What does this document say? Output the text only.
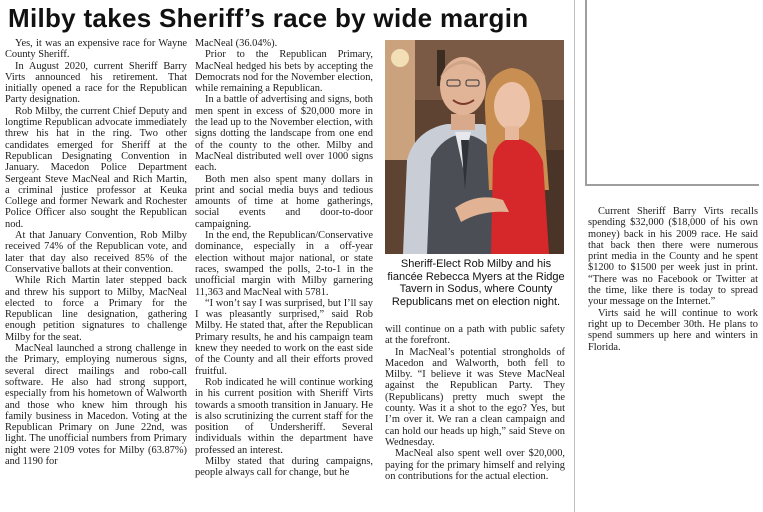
Milby takes Sheriff’s race by wide margin

Yes, it was an expensive race for Wayne County Sheriff.

In August 2020, current Sheriff Barry Virts announced his retirement. That initially opened a race for the Republican Party designation.

Rob Milby, the current Chief Deputy and longtime Republican advocate immediately threw his hat in the ring. Two other candidates emerged for Sheriff at the Republican Designating Convention in January. Macedon Police Department Sergeant Steve MacNeal and Rich Martin, a criminal justice professor at Keuka College and former Newark and Rochester Police Officer also sought the Republican nod.

At that January Convention, Rob Milby received 74% of the Republican vote, and later that day also received 85% of the Conservative ballots at their convention.

While Rich Martin later stepped back and threw his support to Milby, MacNeal elected to force a Primary for the Republican line designation, gathering enough petition signatures to challenge Milby for the seat.

MacNeal launched a strong challenge in the Primary, employing numerous signs, several direct mailings and robo-call software. He also had strong support, especially from his hometown of Walworth and those who knew him through his family business in Macedon. Voting at the Republican Primary on June 22nd, was light. The unofficial numbers from Primary night were 2109 votes for Milby (63.87%) and 1190 for

MacNeal (36.04%).

Prior to the Republican Primary, MacNeal hedged his bets by accepting the Democrats nod for the November election, while remaining a Republican.

In a battle of advertising and signs, both men spent in excess of $20,000 more in the lead up to the November election, with signs dotting the landscape from one end of the county to the other. Milby and MacNeal distributed well over 1000 signs each.

Both men also spent many dollars in print and social media buys and tedious amounts of time at home gatherings, social events and door-to-door campaigning.

In the end, the Republican/Conservative dominance, especially in a off-year election without major national, or state races, swamped the polls, 2-to-1 in the unofficial margin with Milby garnering 11,363 and MacNeal with 5781.

“I won’t say I was surprised, but I’ll say I was pleasantly surprised,” said Rob Milby. He stated that, after the Republican Primary results, he and his campaign team knew they needed to work on the east side of the County and all their efforts proved fruitful.

Rob indicated he will continue working in his current position with Sheriff Virts towards a smooth transition in January. He is also scrutinizing the current staff for the position of Undersheriff. Several individuals within the department have professed an interest.

Milby stated that during campaigns, people always call for change, but he

Sheriff-Elect Rob Milby and his fiancée Rebecca Myers at the Ridge Tavern in Sodus, where County Republicans met on election night.

will continue on a path with public safety at the forefront.

In MacNeal’s potential strongholds of Macedon and Walworth, both fell to Milby. “I believe it was Steve MacNeal against the Republican Party. They (Republicans) pretty much swept the county. Was it a shot to the ego? Yes, but I’m over it. We ran a clean campaign and can hold our heads up high,” said Steve on Wednesday.

MacNeal also spent well over $20,000, paying for the primary himself and relying on contributions for the actual election.

Current Sheriff Barry Virts recalls spending $32,000 ($18,000 of his own money) back in his 2009 race. He said that back then there were numerous print media in the County and he spent $1200 to $1500 per week just in print. “There was no Facebook or Twitter at the time, like there is today to spread your message on the Internet.”

Virts said he will continue to work right up to December 30th. He plans to spend summers up here and winters in Florida.
